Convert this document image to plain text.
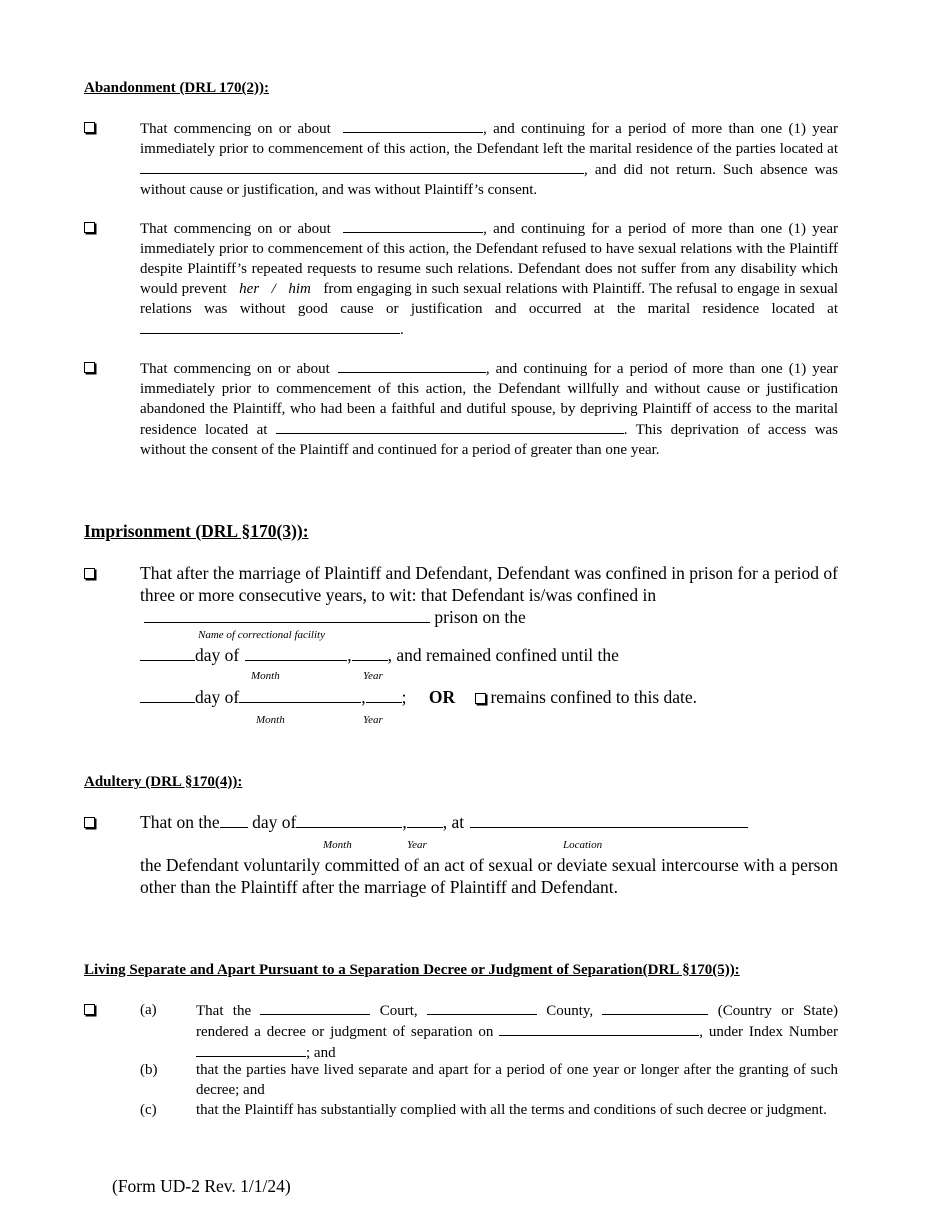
Abandonment (DRL 170(2)):
That commencing on or about	, and continuing for a period of more than one (1) year immediately prior to commencement of this action, the Defendant left the marital residence of the parties located at , and did not return. Such absence was without cause or justification, and was without Plaintiff’s consent.
That commencing on or about	, and continuing for a period of more than one (1) year immediately prior to commencement of this action, the Defendant refused to have sexual relations with the Plaintiff despite Plaintiff’s repeated requests to resume such relations. Defendant does not suffer from any disability which would prevent her / him from engaging in such sexual relations with Plaintiff. The refusal to engage in sexual relations was without good cause or justification and occurred at the marital residence located at .
That commencing on or about	, and continuing for a period of more than one (1) year immediately prior to commencement of this action, the Defendant willfully and without cause or justification abandoned the Plaintiff, who had been a faithful and dutiful spouse, by depriving Plaintiff of access to the marital residence located at	. This deprivation of access was without the consent of the Plaintiff and continued for a period of greater than one year.
Imprisonment (DRL §170(3)):
That after the marriage of Plaintiff and Defendant, Defendant was confined in prison for a period of three or more consecutive years, to wit: that Defendant is/was confined in
prison on the
Name of correctional facility
day of	, , and remained confined until the
Month	Year
day of	, ; OR remains confined to this date.
Month	Year
Adultery (DRL §170(4)):
That on the day of	, , at
Month	Year	Location
the Defendant voluntarily committed of an act of sexual or deviate sexual intercourse with a person other than the Plaintiff after the marriage of Plaintiff and Defendant.
Living Separate and Apart Pursuant to a Separation Decree or Judgment of Separation(DRL §170(5)):
(a)	That the	Court,	County,	(Country or State) rendered a decree or judgment of separation on	, under Index Number ; and
(b)	that the parties have lived separate and apart for a period of one year or longer after the granting of such decree; and
(c)	that the Plaintiff has substantially complied with all the terms and conditions of such decree or judgment.
(Form UD-2 Rev. 1/1/24)
